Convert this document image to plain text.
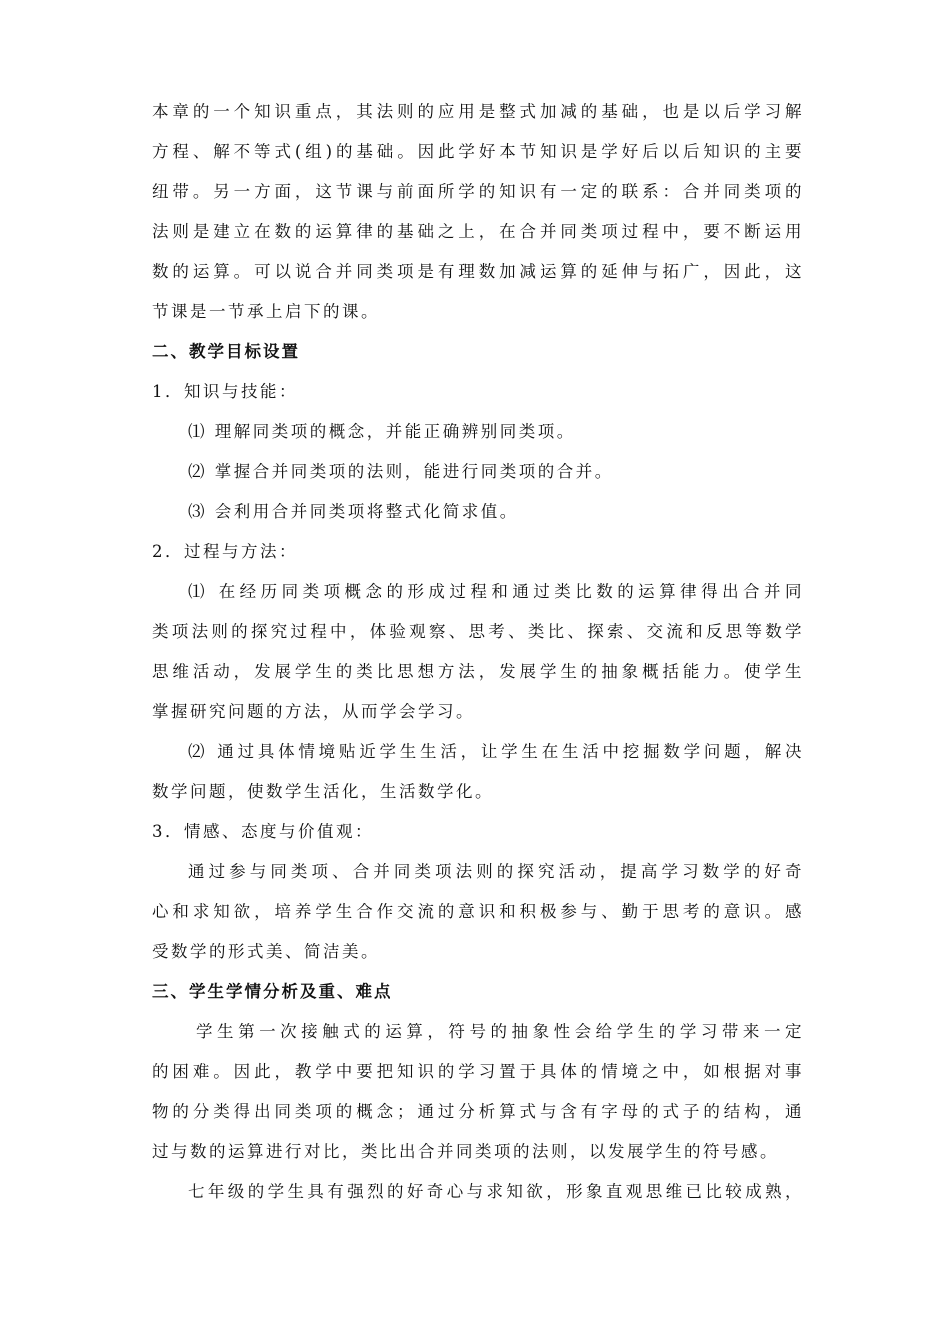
本章的一个知识重点，其法则的应用是整式加减的基础，也是以后学习解
方程、解不等式(组)的基础。因此学好本节知识是学好后以后知识的主要
纽带。另一方面，这节课与前面所学的知识有一定的联系：合并同类项的
法则是建立在数的运算律的基础之上，在合并同类项过程中，要不断运用
数的运算。可以说合并同类项是有理数加减运算的延伸与拓广，因此，这
节课是一节承上启下的课。
二、教学目标设置
1．知识与技能：
⑴ 理解同类项的概念，并能正确辨别同类项。
⑵ 掌握合并同类项的法则，能进行同类项的合并。
⑶ 会利用合并同类项将整式化简求值。
2．过程与方法：
⑴ 在经历同类项概念的形成过程和通过类比数的运算律得出合并同
类项法则的探究过程中，体验观察、思考、类比、探索、交流和反思等数学
思维活动，发展学生的类比思想方法，发展学生的抽象概括能力。使学生
掌握研究问题的方法，从而学会学习。
⑵ 通过具体情境贴近学生生活，让学生在生活中挖掘数学问题，解决
数学问题，使数学生活化，生活数学化。
3．情感、态度与价值观：
通过参与同类项、合并同类项法则的探究活动，提高学习数学的好奇
心和求知欲，培养学生合作交流的意识和积极参与、勤于思考的意识。感
受数学的形式美、简洁美。
三、学生学情分析及重、难点
学生第一次接触式的运算，符号的抽象性会给学生的学习带来一定
的困难。因此，教学中要把知识的学习置于具体的情境之中，如根据对事
物的分类得出同类项的概念；通过分析算式与含有字母的式子的结构，通
过与数的运算进行对比，类比出合并同类项的法则，以发展学生的符号感。
七年级的学生具有强烈的好奇心与求知欲，形象直观思维已比较成熟，
